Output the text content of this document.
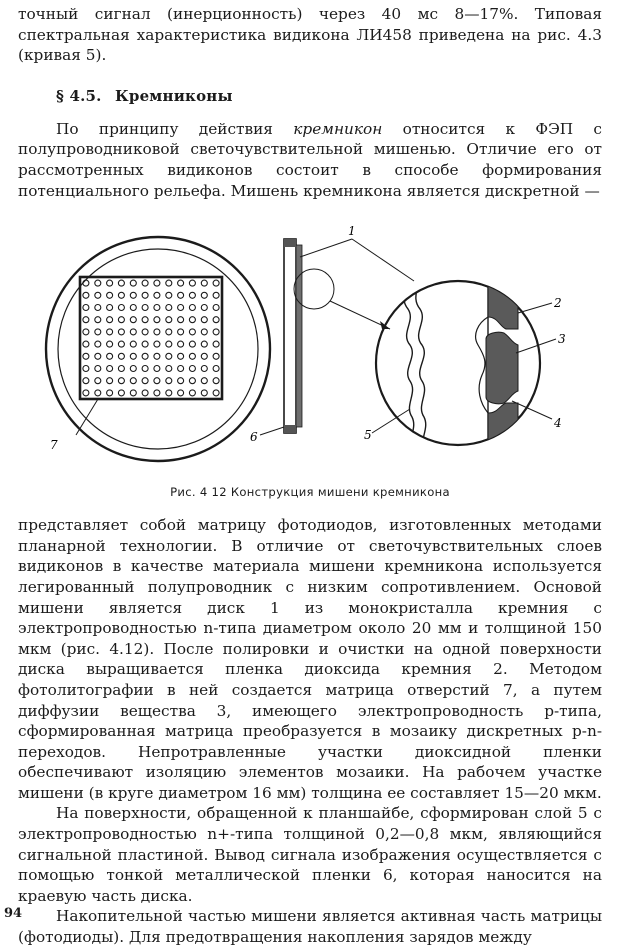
точный сигнал (инерционность) через 40 мс 8—17%. Типовая спектральная характеристика видикона ЛИ458 приведена на рис. 4.3 (кривая 5).

§ 4.5. Кремниконы

По принципу действия кремникон относится к ФЭП с полупроводниковой светочувствительной мишенью. Отличие его от рассмотренных видиконов состоит в способе формирования потенциального рельефа. Мишень кремникона является дискретной —

7
6
1
2
3
4
5
Рис. 4 12 Конструкция мишени кремникона

представляет собой матрицу фотодиодов, изготовленных методами планарной технологии. В отличие от светочувствительных слоев видиконов в качестве материала мишени кремникона используется легированный полупроводник с низким сопротивлением. Основой мишени является диск 1 из монокристалла кремния с электропроводностью n-типа диаметром около 20 мм и толщиной 150 мкм (рис. 4.12). После полировки и очистки на одной поверхности диска выращивается пленка диоксида кремния 2. Методом фотолитографии в ней создается матрица отверстий 7, а путем диффузии вещества 3, имеющего электропроводность p-типа, сформированная матрица преобразуется в мозаику дискретных p-n-переходов. Непротравленные участки диоксидной пленки обеспечивают изоляцию элементов мозаики. На рабочем участке мишени (в круге диаметром 16 мм) толщина ее составляет 15—20 мкм.

На поверхности, обращенной к планшайбе, сформирован слой 5 с электропроводностью n+-типа толщиной 0,2—0,8 мкм, являющийся сигнальной пластиной. Вывод сигнала изображения осуществляется с помощью тонкой металлической пленки 6, которая наносится на краевую часть диска.

Накопительной частью мишени является активная часть матрицы (фотодиоды). Для предотвращения накопления зарядов между

94
